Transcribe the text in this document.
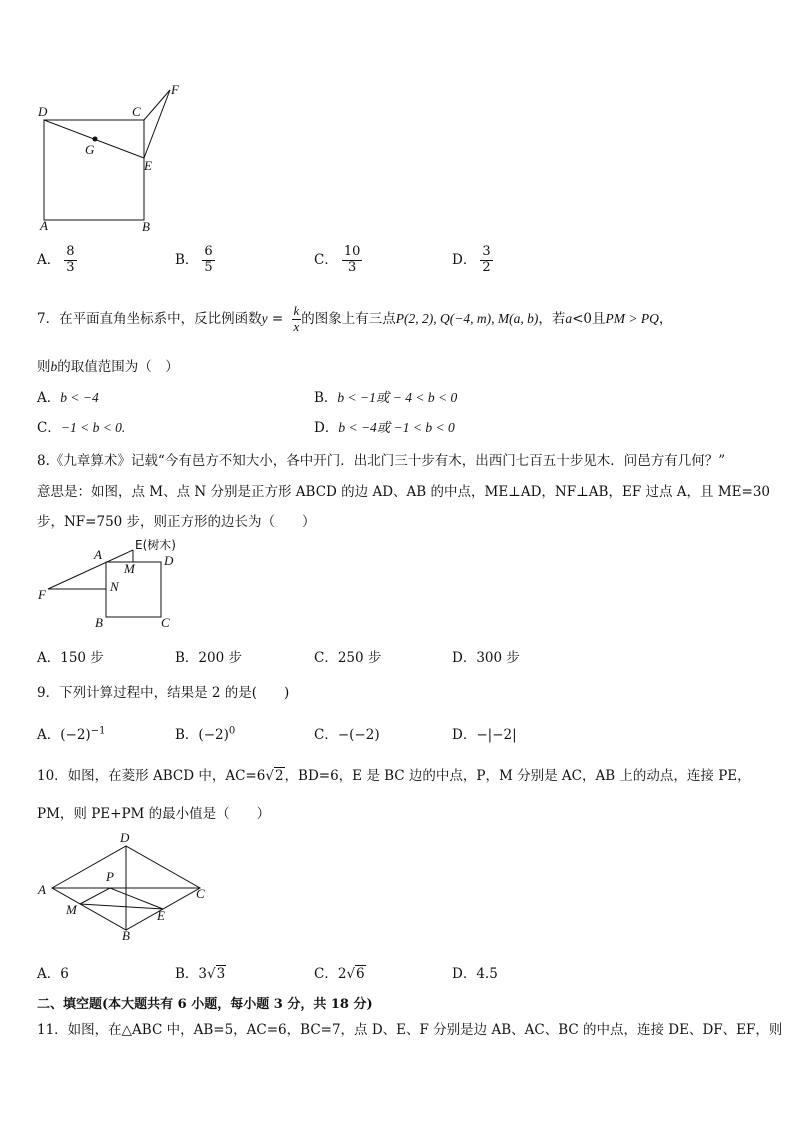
D	C
F
G
E
A	B
A． $\frac{8}{3}$	B． $\frac{6}{5}$	C． $\frac{10}{3}$	D． $\frac{3}{2}$
7．在平面直角坐标系中，反比例函数$y = \frac{k}{x}$ 的图象上有三点P(2, 2), Q(−4, m), M(a, b)，若a<0且PM > PQ，
则b的取值范围为（　）
A．b < −4	B．b < −1或 − 4 < b < 0
C．−1 < b < 0.	D．b < −4或 −1 < b < 0
8.《九章算术》记载“今有邑方不知大小，各中开门．出北门三十步有木，出西门七百五十步见木．问邑方有几何？”
意思是：如图，点 M、点 N 分别是正方形 ABCD 的边 AD、AB 的中点，ME⊥AD，NF⊥AB，EF 过点 A，且 ME=30
步，NF=750 步，则正方形的边长为（　　）
A
E(树木)
M
D
N
F
B	C
A．150 步	B．200 步	C．250 步	D．300 步
9．下列计算过程中，结果是 2 的是(　　)
A．$(-2)^{-1}$	B．$(-2)^0$	C．−(−2)	D．−|−2|
10．如图，在菱形 ABCD 中，AC=6√2，BD=6，E 是 BC 边的中点，P，M 分别是 AC，AB 上的动点，连接 PE，
PM，则 PE+PM 的最小值是（　　）
D
A
P
C
M	E
B
A．6	B．3√3	C．2√6	D．4.5
二、填空题(本大题共有 6 小题，每小题 3 分，共 18 分)
11．如图，在△ABC 中，AB=5，AC=6，BC=7，点 D、E、F 分别是边 AB、AC、BC 的中点，连接 DE、DF、EF，则
